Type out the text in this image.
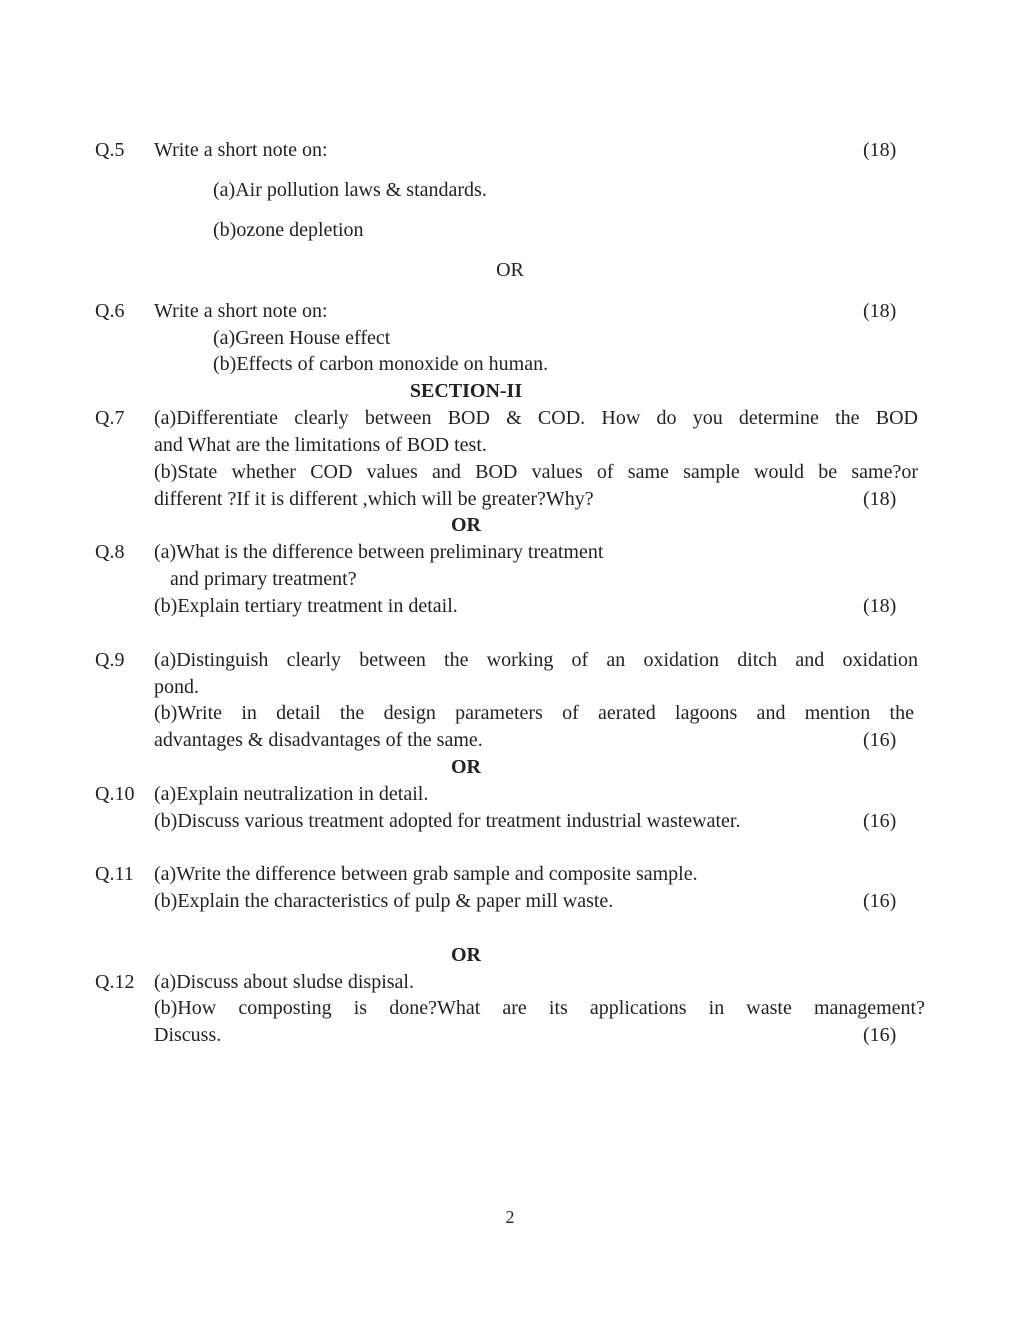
Q.5 Write a short note on:	(18)
(a)Air pollution laws & standards.
(b)ozone depletion
OR
Q.6 Write a short note on:	(18)
(a)Green House effect
(b)Effects of carbon monoxide on human.
SECTION-II
Q.7 (a)Differentiate clearly between BOD & COD. How do you determine the BOD
and What are the limitations of BOD test.
(b)State whether COD values and BOD values of same sample would be same?or
different ?If it is different ,which will be greater?Why?	(18)
OR
Q.8 (a)What is the difference between preliminary treatment
and primary treatment?
(b)Explain tertiary treatment in detail.	(18)
Q.9 (a)Distinguish clearly between the working of an oxidation ditch and oxidation
pond.
(b)Write in detail the design parameters of aerated lagoons and mention the
advantages & disadvantages of the same.	(16)
OR
Q.10 (a)Explain neutralization in detail.
(b)Discuss various treatment adopted for treatment industrial wastewater.	(16)
Q.11 (a)Write the difference between grab sample and composite sample.
(b)Explain the characteristics of pulp & paper mill waste.	(16)
OR
Q.12 (a)Discuss about sludse dispisal.
(b)How composting is done?What are its applications in waste management?
Discuss.	(16)
2
